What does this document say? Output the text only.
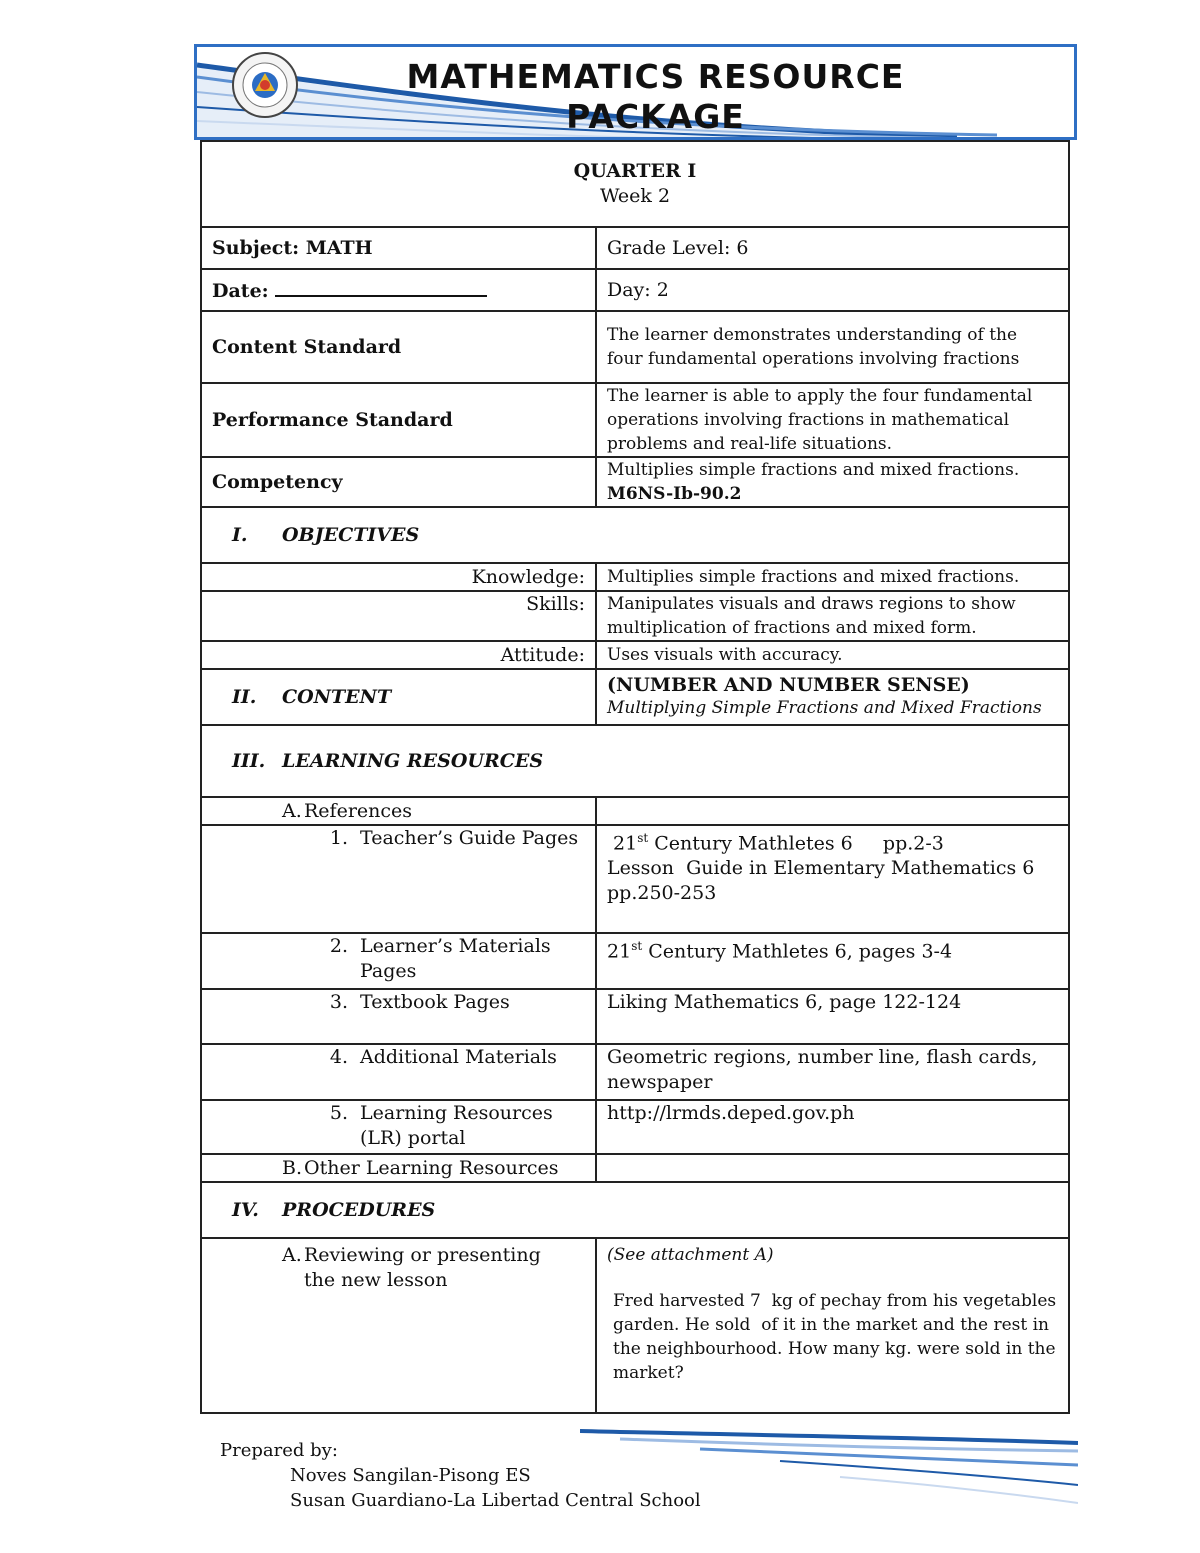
MATHEMATICS RESOURCE
PACKAGE
QUARTER I
Week 2	

Subject: MATH	Grade Level: 6
Date:	Day: 2
Content Standard	The learner demonstrates understanding of the four fundamental operations involving fractions
Performance Standard	The learner is able to apply the four fundamental operations involving fractions in mathematical problems and real-life situations.
Competency	Multiplies simple fractions and mixed fractions.
M6NS-Ib-90.2

I. OBJECTIVES	
Knowledge:	Multiplies simple fractions and mixed fractions.
Skills:	Manipulates visuals and draws regions to show multiplication of fractions and mixed form.
Attitude:	Uses visuals with accuracy.
II. CONTENT	(NUMBER AND NUMBER SENSE)
Multiplying Simple Fractions and Mixed Fractions

III. LEARNING RESOURCES	
A. References	
1. Teacher’s Guide Pages	21st Century Mathletes 6     pp.2-3
Lesson  Guide in Elementary Mathematics 6 pp.250-253

2. Learner’s Materials Pages	21st Century Mathletes 6, pages 3-4
3. Textbook Pages	Liking Mathematics 6, page 122-124
4. Additional Materials	Geometric regions, number line, flash cards, newspaper
5. Learning Resources (LR) portal	http://lrmds.deped.gov.ph
B. Other Learning Resources	
IV. PROCEDURES	
A. Reviewing or presenting the new lesson	(See attachment A)
Fred harvested 7  kg of pechay from his vegetables garden. He sold  of it in the market and the rest in the neighbourhood. How many kg. were sold in the market?
Prepared by:
Noves Sangilan-Pisong ES
Susan Guardiano-La Libertad Central School
